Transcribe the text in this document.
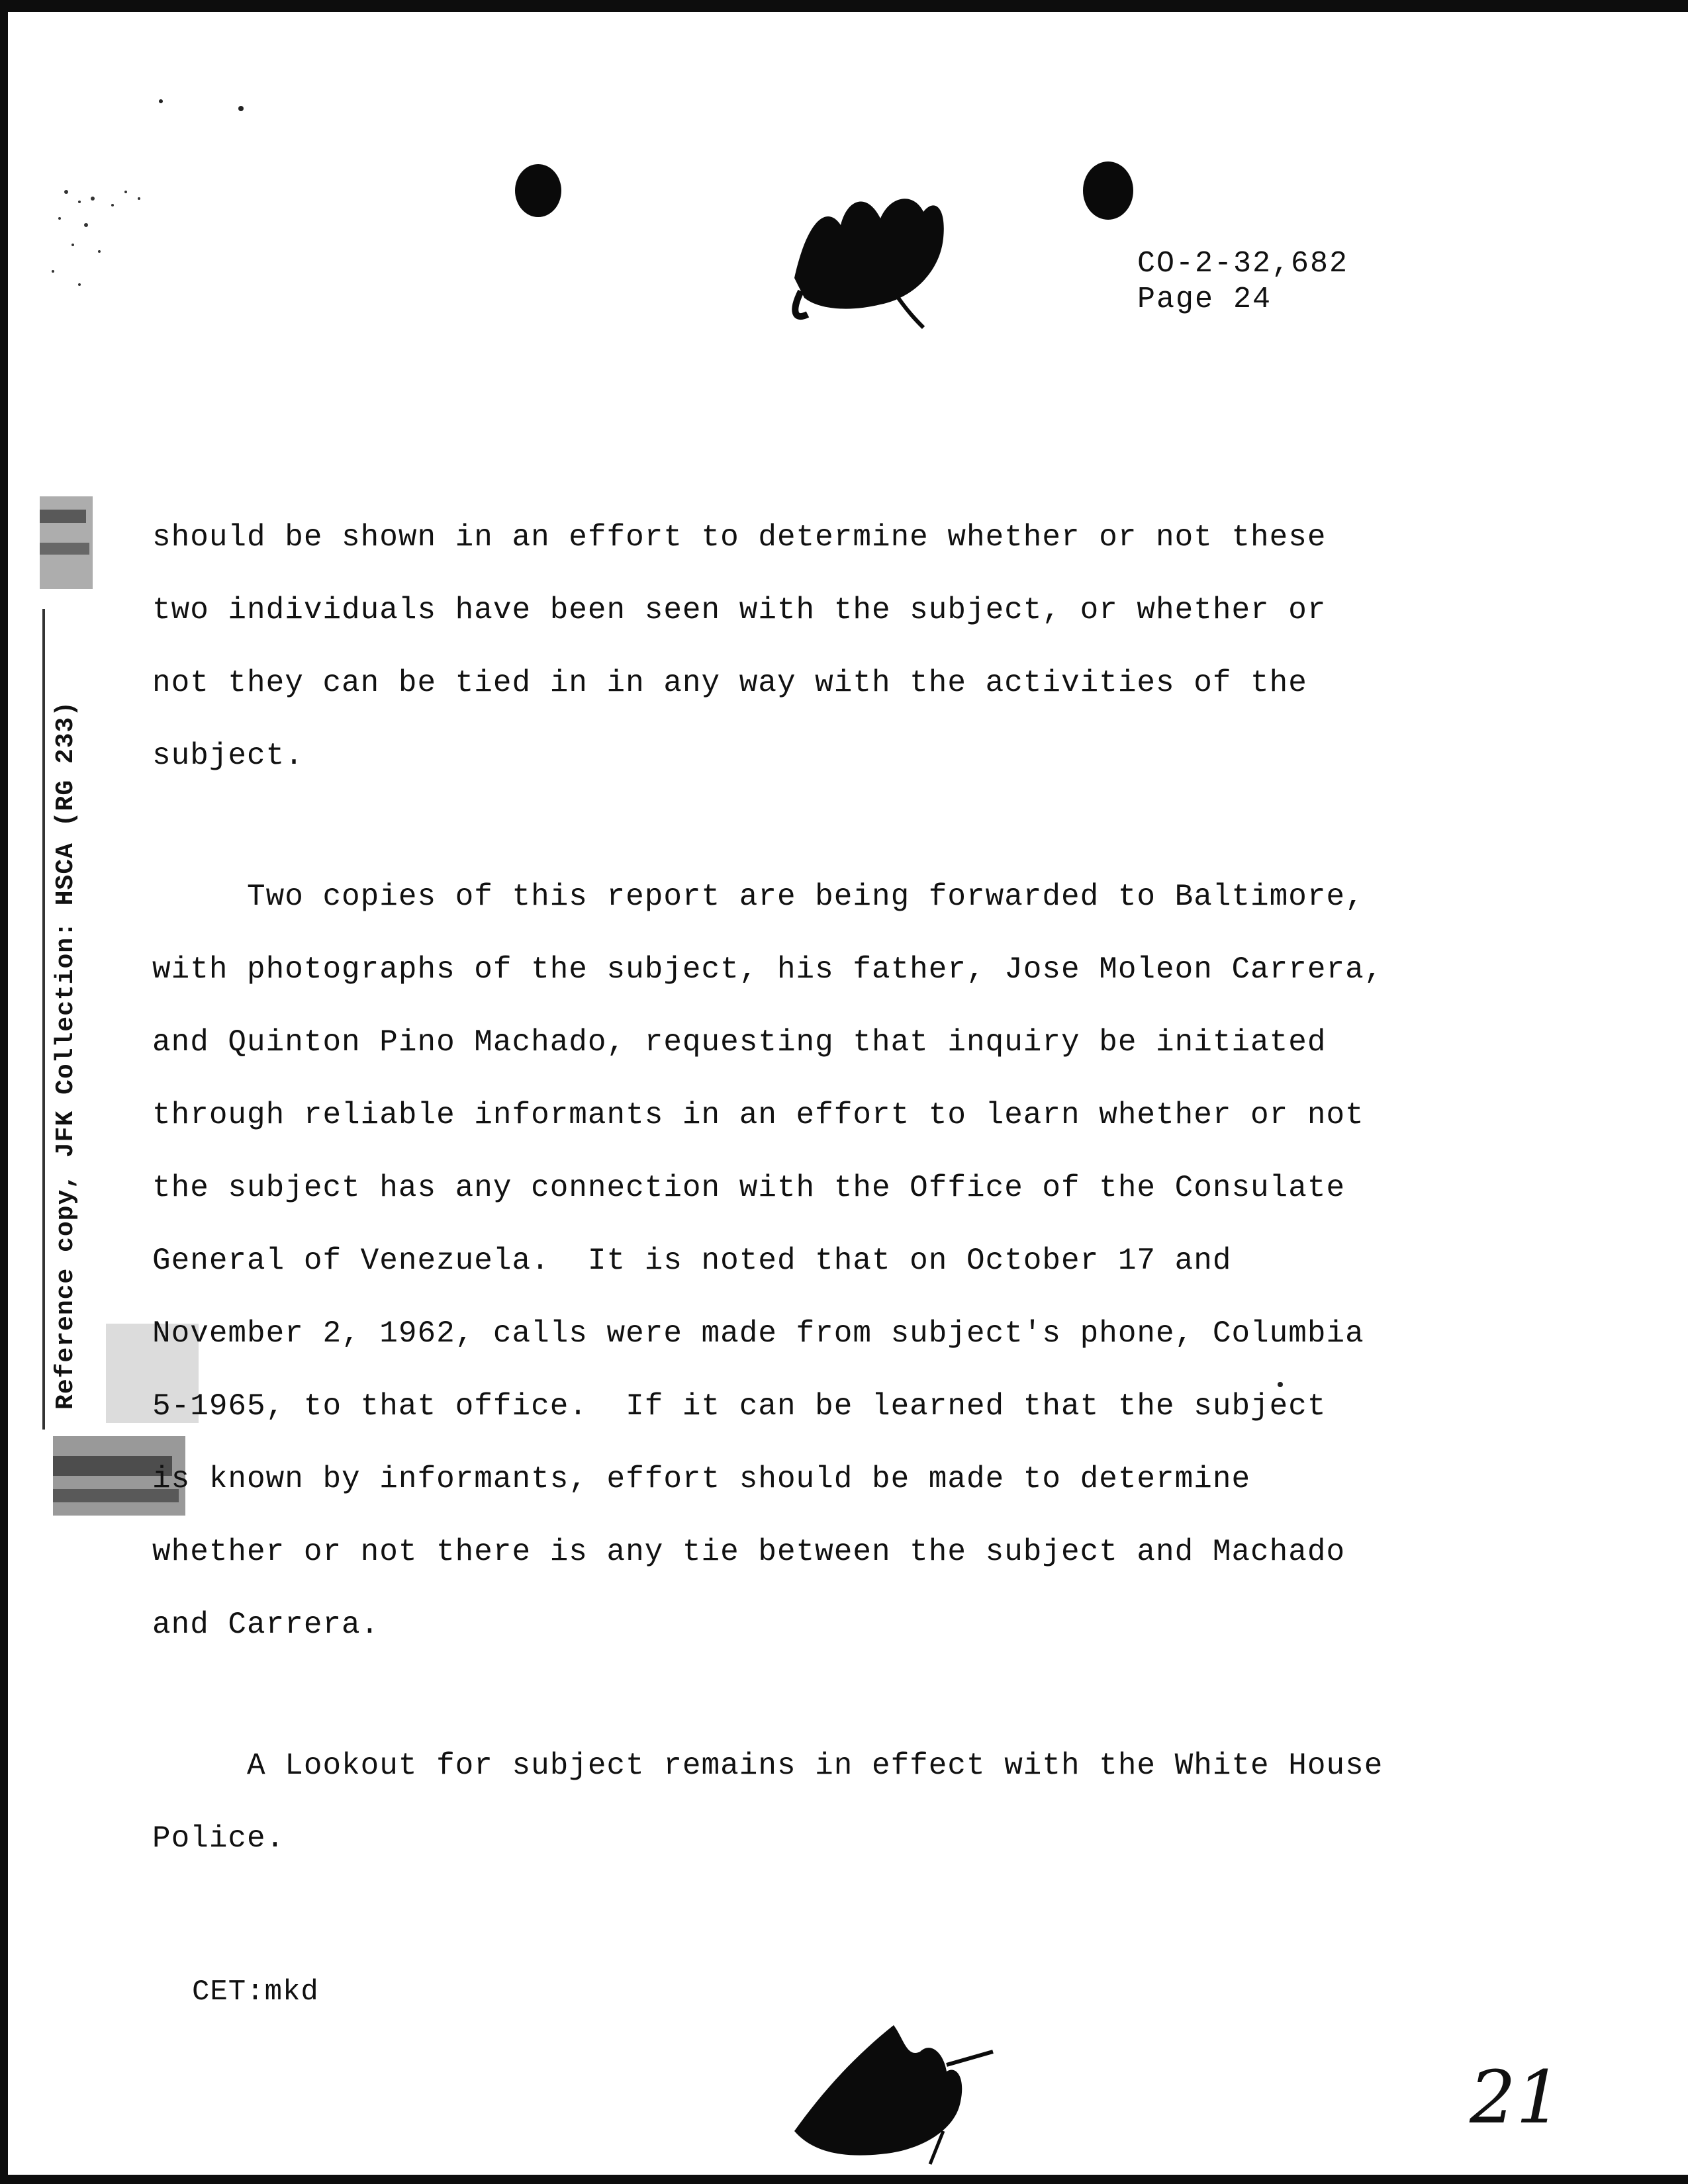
Reference copy, JFK Collection: HSCA (RG 233)
CO-2-32,682
Page 24

should be shown in an effort to determine whether or not these

two individuals have been seen with the subject, or whether or

not they can be tied in in any way with the activities of the

subject.

Two copies of this report are being forwarded to Baltimore,

with photographs of the subject, his father, Jose Moleon Carrera,

and Quinton Pino Machado, requesting that inquiry be initiated

through reliable informants in an effort to learn whether or not

the subject has any connection with the Office of the Consulate

General of Venezuela.  It is noted that on October 17 and

November 2, 1962, calls were made from subject's phone, Columbia

5-1965, to that office.  If it can be learned that the subject

is known by informants, effort should be made to determine

whether or not there is any tie between the subject and Machado

and Carrera.

A Lookout for subject remains in effect with the White House

Police.

CET:mkd
21
